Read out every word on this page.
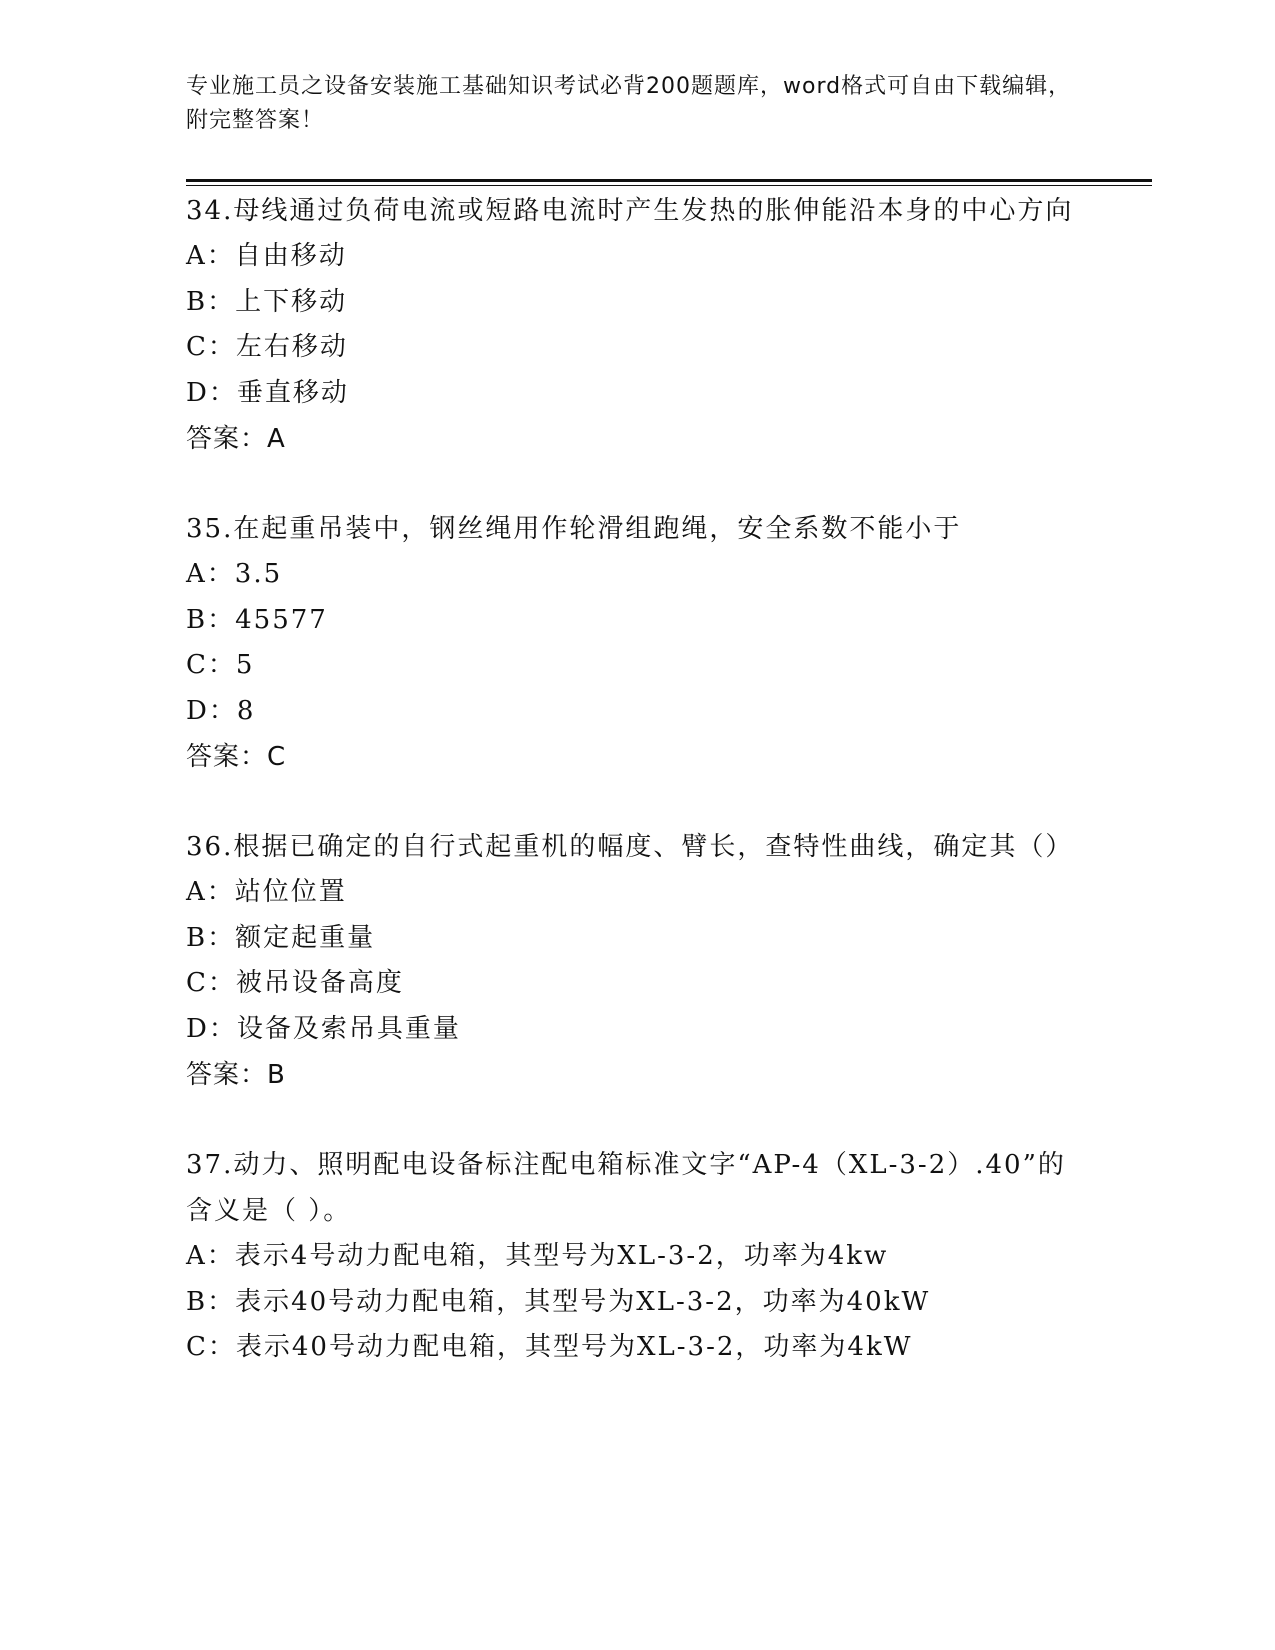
专业施工员之设备安装施工基础知识考试必背200题题库，word格式可自由下载编辑，附完整答案！
34.母线通过负荷电流或短路电流时产生发热的胀伸能沿本身的中心方向
A：自由移动
B：上下移动
C：左右移动
D：垂直移动
答案：A
35.在起重吊装中，钢丝绳用作轮滑组跑绳，安全系数不能小于
A：3.5
B：45577
C：5
D：8
答案：C
36.根据已确定的自行式起重机的幅度、臂长，查特性曲线，确定其（）
A：站位位置
B：额定起重量
C：被吊设备高度
D：设备及索吊具重量
答案：B
37.动力、照明配电设备标注配电箱标准文字“AP-4（XL-3-2）.40”的含义是（ ）。
A：表示4号动力配电箱，其型号为XL-3-2，功率为4kw
B：表示40号动力配电箱，其型号为XL-3-2，功率为40kW
C：表示40号动力配电箱，其型号为XL-3-2，功率为4kW
